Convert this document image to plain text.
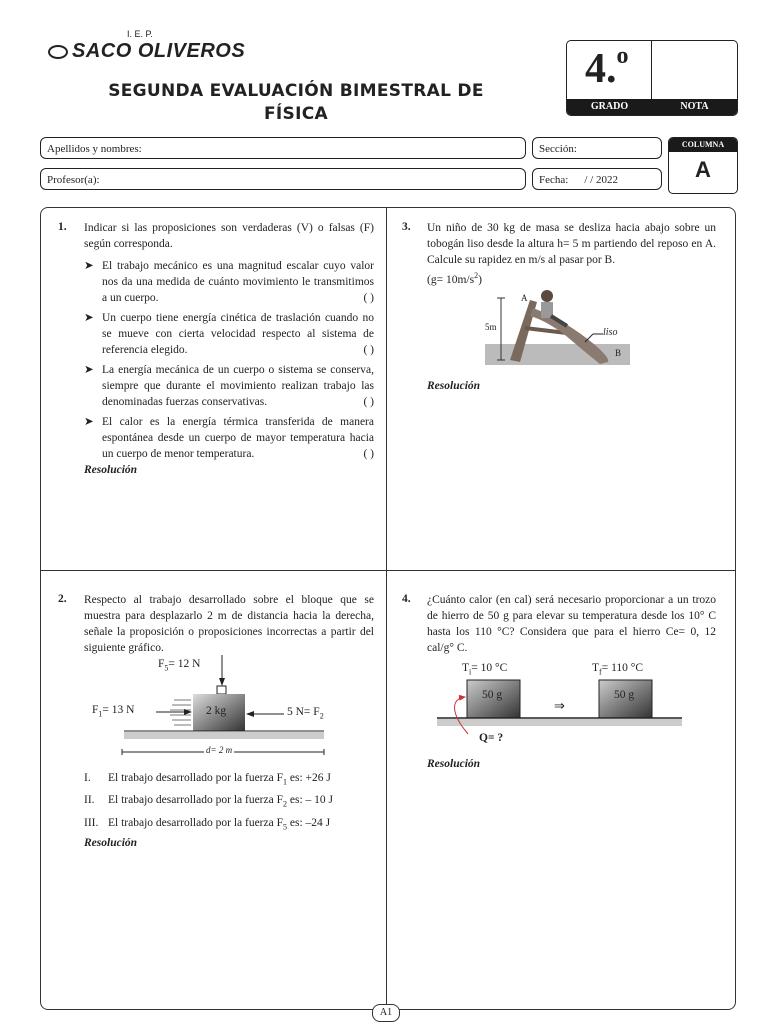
I. E. P.
SACO OLIVEROS
SEGUNDA EVALUACIÓN BIMESTRAL DE
FÍSICA
4.$^o$
GRADO	NOTA
Apellidos y nombres:
Profesor(a):
Sección:
Fecha: / / 2022
COLUMNA
A
1. Indicar si las proposiciones son verdaderas (V) o falsas (F) según corresponda.
➤ El trabajo mecánico es una magnitud escalar cuyo valor nos da una medida de cuánto movimiento le transmitimos a un cuerpo.	( )
➤ Un cuerpo tiene energía cinética de traslación cuando no se mueve con cierta velocidad respecto al sistema de referencia elegido.	( )
➤ La energía mecánica de un cuerpo o sistema se conserva, siempre que durante el movimiento realizan trabajo las denominadas fuerzas conservativas.	( )
➤ El calor es la energía térmica transferida de manera espontánea desde un cuerpo de mayor temperatura hacia un cuerpo de menor temperatura.	( )
Resolución
2. Respecto al trabajo desarrollado sobre el bloque que se muestra para desplazarlo 2 m de distancia hacia la derecha, señale la proposición o proposiciones incorrectas a partir del siguiente gráfico.
$F_5= 12$ N
$F_1= 13$ N	5 $N= F_2$
2 kg
d= 2 m
I.	El trabajo desarrollado por la fuerza $F_1$ es: +26 J
II.	El trabajo desarrollado por la fuerza $F_2$ es: – 10 J
III. El trabajo desarrollado por la fuerza $F_5$ es: –24 J
Resolución
3. Un niño de 30 kg de masa se desliza hacia abajo sobre un tobogán liso desde la altura h= 5 m partiendo del reposo en A. Calcule su rapidez en m/s al pasar por B.
$(g= 10m/s^2)$
A
5m	liso
B
Resolución
4. ¿Cuánto calor (en cal) será necesario proporcionar a un trozo de hierro de 50 g para elevar su temperatura desde los 10° C hasta los 110 °C? Considera que para el hierro Ce= 0, 12 cal/g° C.
$T_i= 10$ °C	$T_f= 110$ °C
50 g	50 g
⇒
Q= ?
Resolución
A1
